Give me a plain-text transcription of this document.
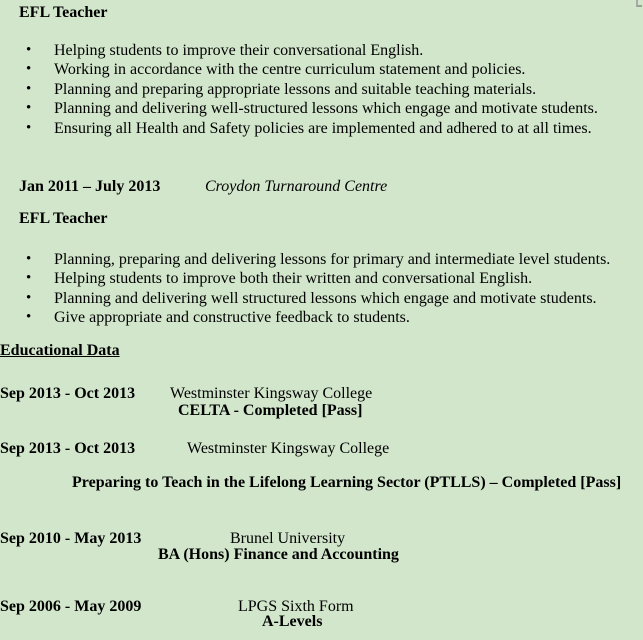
EFL Teacher
• Helping students to improve their conversational English.
• Working in accordance with the centre curriculum statement and policies.
• Planning and preparing appropriate lessons and suitable teaching materials.
• Planning and delivering well-structured lessons which engage and motivate students.
• Ensuring all Health and Safety policies are implemented and adhered to at all times.
Jan 2011 – July 2013	Croydon Turnaround Centre
EFL Teacher
• Planning, preparing and delivering lessons for primary and intermediate level students.
• Helping students to improve both their written and conversational English.
• Planning and delivering well structured lessons which engage and motivate students.
• Give appropriate and constructive feedback to students.
Educational Data
Sep 2013 - Oct 2013 Westminster Kingsway College
CELTA - Completed [Pass]
Sep 2013 - Oct 2013	Westminster Kingsway College
Preparing to Teach in the Lifelong Learning Sector (PTLLS) – Completed [Pass]
Sep 2010 - May 2013	Brunel University
BA (Hons) Finance and Accounting
Sep 2006 - May 2009	LPGS Sixth Form
A-Levels
